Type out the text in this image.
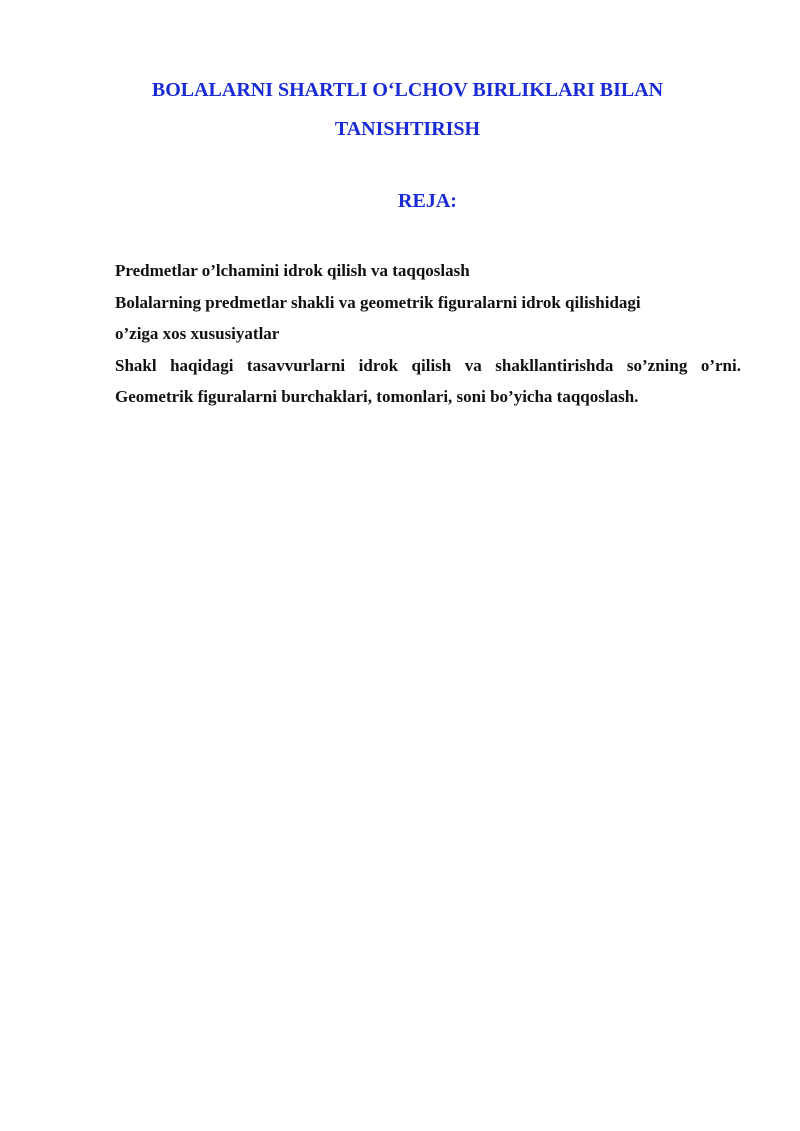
BOLALARNI SHARTLI O‘LCHOV BIRLIKLARI BILAN
TANISHTIRISH
REJA:
Predmetlar o’lchamini idrok qilish va taqqoslash
Bolalarning predmetlar shakli va geometrik figuralarni idrok qilishidagi
o’ziga xos xususiyatlar
Shakl haqidagi tasavvurlarni idrok qilish va shakllantirishda so’zning o’rni.
Geometrik figuralarni burchaklari, tomonlari, soni bo’yicha taqqoslash.
